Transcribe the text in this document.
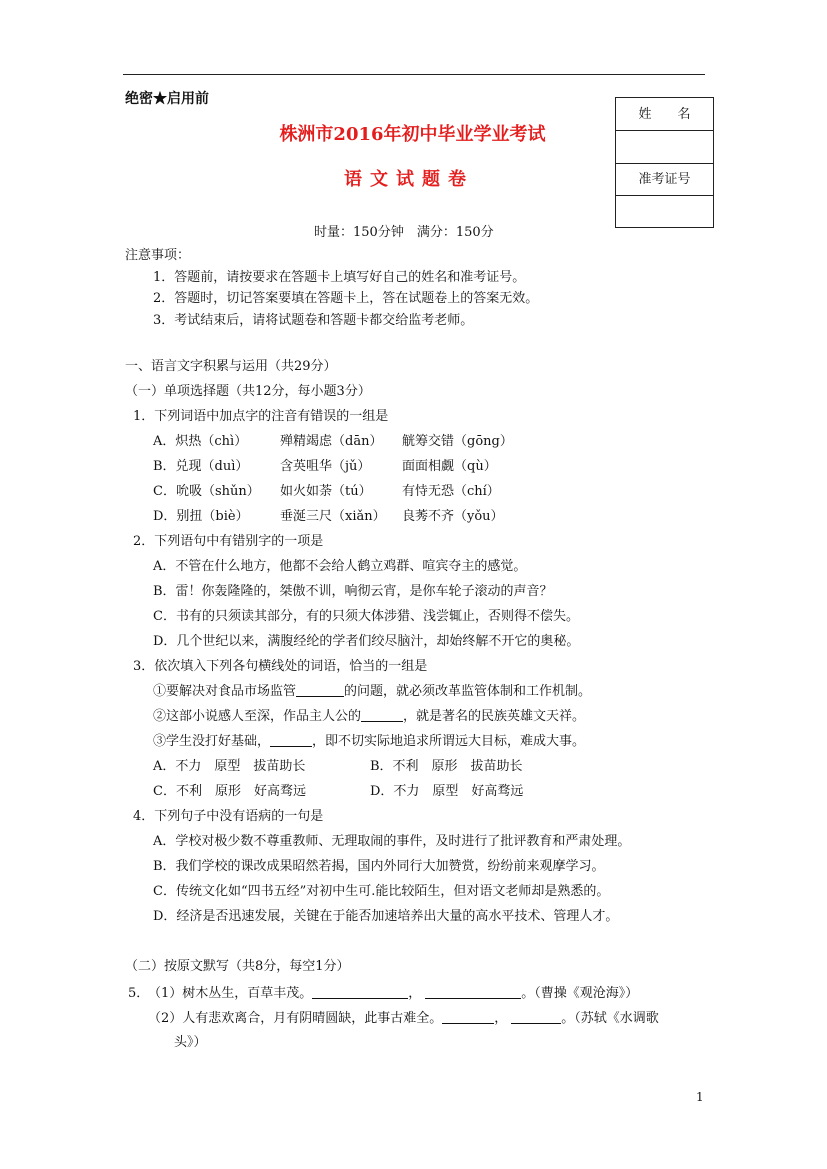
绝密★启用前
姓　　名
准考证号
株洲市2016年初中毕业学业考试
语文试题卷
时量：150分钟　满分：150分
注意事项：
1．答题前，请按要求在答题卡上填写好自己的姓名和准考证号。
2．答题时，切记答案要填在答题卡上，答在试题卷上的答案无效。
3．考试结束后，请将试题卷和答题卡都交给监考老师。
一、语言文字积累与运用（共29分）
（一）单项选择题（共12分，每小题3分）
1．下列词语中加点字的注音有错误的一组是
A．炽热（chì）	殚精竭虑（dān） 觥筹交错（gōng）
B．兑现（duì） 含英咀华（jǔ） 面面相觑（qù）
C．吮吸（shǔn） 如火如荼（tú） 有恃无恐（chí）
D．别扭（biè） 垂涎三尺（xiǎn） 良莠不齐（yǒu）
2．下列语句中有错别字的一项是
A．不管在什么地方，他都不会给人鹤立鸡群、喧宾夺主的感觉。
B．雷！你轰隆隆的，桀傲不训，响彻云宵，是你车轮子滚动的声音？
C．书有的只须读其部分，有的只须大体涉猎、浅尝辄止，否则得不偿失。
D．几个世纪以来，满腹经纶的学者们绞尽脑汁，却始终解不开它的奥秘。
3．依次填入下列各句横线处的词语，恰当的一组是
①要解决对食品市场监管	的问题，就必须改革监管体制和工作机制。
②这部小说感人至深，作品主人公的	，就是著名的民族英雄文天祥。
③学生没打好基础，	，即不切实际地追求所谓远大目标，难成大事。
A．不力　原型　拔苗助长	B．不利　原形　拔苗助长
C．不利　原形　好高骛远	D．不力　原型　好高骛远
4．下列句子中没有语病的一句是
A．学校对极少数不尊重教师、无理取闹的事件，及时进行了批评教育和严肃处理。
B．我们学校的课改成果昭然若揭，国内外同行大加赞赏，纷纷前来观摩学习。
C．传统文化如“四书五经”对初中生可.能比较陌生，但对语文老师却是熟悉的。
D．经济是否迅速发展，关键在于能否加速培养出大量的高水平技术、管理人才。
（二）按原文默写（共8分，每空1分）
5．
（1）树木丛生，百草丰茂。	，	。（曹操《观沧海》）
（2）人有悲欢离合，月有阴晴圆缺，此事古难全。	，	。（苏轼《水调歌
头》）
1
